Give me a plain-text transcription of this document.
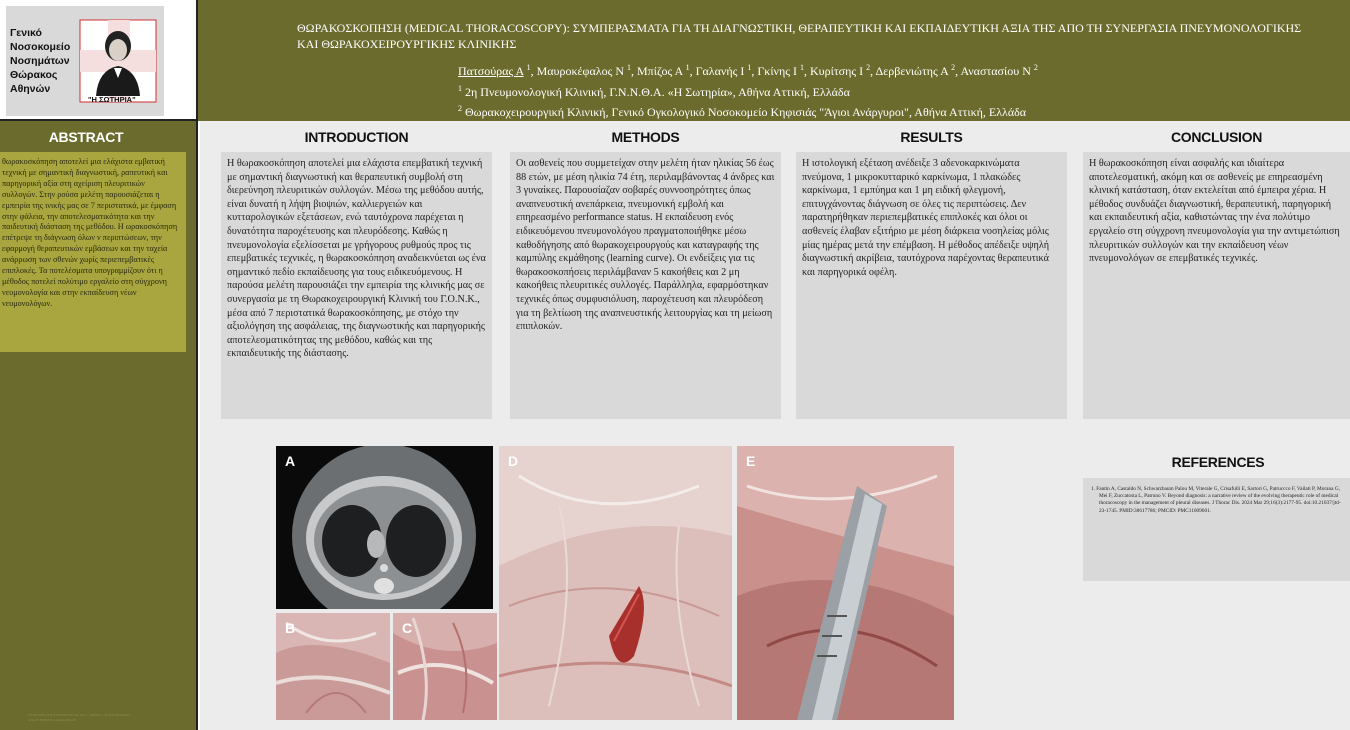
Γενικό
Νοσοκομείο
Νοσημάτων
Θώρακος
Αθηνών
"Η ΣΩΤΗΡΙΑ"
ΘΩΡΑΚΟΣΚΟΠΗΣΗ (MEDICAL THORACOSCOPY): ΣΥΜΠΕΡΑΣΜΑΤΑ ΓΙΑ ΤΗ ΔΙΑΓΝΩΣΤΙΚΗ, ΘΕΡΑΠΕΥΤΙΚΗ ΚΑΙ ΕΚΠΑΙΔΕΥΤΙΚΗ ΑΞΙΑ ΤΗΣ ΑΠΟ ΤΗ ΣΥΝΕΡΓΑΣΙΑ ΠΝΕΥΜΟΝΟΛΟΓΙΚΗΣ ΚΑΙ ΘΩΡΑΚΟΧΕΙΡΟΥΡΓΙΚΗΣ ΚΛΙΝΙΚΗΣ
Πατσούρας Α $^1$, Μαυροκέφαλος Ν $^1$, Μπίζος Α $^1$, Γαλανής Ι $^1$, Γκίνης Ι $^1$, Κυρίτσης Ι $^2$, Δερβενιώτης Α $^2$, Αναστασίου Ν $^2$
$^1$ 2η Πνευμονολογική Κλινική, Γ.Ν.Ν.Θ.Α. «Η Σωτηρία», Αθήνα Αττική, Ελλάδα
$^2$ Θωρακοχειρουργική Κλινική, Γενικό Ογκολογικό Νοσοκομείο Κηφισιάς "Άγιοι Ανάργυροι", Αθήνα Αττική, Ελλάδα
ABSTRACT

θωρακοσκόπηση αποτελεί μια ελάχιστα εμβατική τεχνική με σημαντική διαγνωστική, ραπευτική και παρηγορική αξία στη αχείριση πλευριτικών συλλογών. Στην ρούσα μελέτη παρουσιάζεται η εμπειρία της ινικής μας σε 7 περιστατικά, με έμφαση στην φάλεια, την αποτελεσματικότητα και την παιδευτική διάσταση της μεθόδου. Η ωρακοσκόπηση επέτρεψε τη διάγνωση όλων ν περιπτώσεων, την εφαρμογή θεραπευτικών εμβάσεων και την ταχεία ανάρρωση των σθενών χωρίς περιεπεμβατικές επιπλοκές. Τα ποτελέσματα υπογραμμίζουν ότι η μέθοδος ποτελεί πολύτιμο εργαλείο στη σύγχρονη νευμονολογία και στην εκπαίδευση νέων νευμονολόγων.

ΣΥΝΕΔΡΙΟ ΠΝΕΥΜΟΝΟΛΟΓΙΑΣ 2024 · ΑΘΗΝΑ · ΗΛΕΚΤΡΟΝΙΚΗ ΑΝΑΡΤΗΜΕΝΗ ΑΝΑΚΟΙΝΩΣΗ
INTRODUCTION

Η θωρακοσκόπηση αποτελεί μια ελάχιστα επεμβατική τεχνική με σημαντική διαγνωστική και θεραπευτική συμβολή στη διερεύνηση πλευριτικών συλλογών. Μέσω της μεθόδου αυτής, είναι δυνατή η λήψη βιοψιών, καλλιεργειών και κυτταρολογικών εξετάσεων, ενώ ταυτόχρονα παρέχεται η δυνατότητα παροχέτευσης και πλευρόδεσης. Καθώς η πνευμονολογία εξελίσσεται με γρήγορους ρυθμούς προς τις επεμβατικές τεχνικές, η θωρακοσκόπηση αναδεικνύεται ως ένα σημαντικό πεδίο εκπαίδευσης για τους ειδικευόμενους. Η παρούσα μελέτη παρουσιάζει την εμπειρία της κλινικής μας σε συνεργασία με τη Θωρακοχειρουργική Κλινική του Γ.Ο.Ν.Κ., μέσα από 7 περιστατικά θωρακοσκόπησης, με στόχο την αξιολόγηση της ασφάλειας, της διαγνωστικής και παρηγορικής αποτελεσματικότητας της μεθόδου, καθώς και της εκπαιδευτικής της διάστασης.

METHODS

Οι ασθενείς που συμμετείχαν στην μελέτη ήταν ηλικίας 56 έως 88 ετών, με μέση ηλικία 74 έτη, περιλαμβάνοντας 4 άνδρες και 3 γυναίκες. Παρουσίαζαν σοβαρές συννοσηρότητες όπως αναπνευστική ανεπάρκεια, πνευμονική εμβολή και επηρεασμένο performance status. Η εκπαίδευση ενός ειδικευόμενου πνευμονολόγου πραγματοποιήθηκε μέσω καθοδήγησης από θωρακοχειρουργούς και καταγραφής της καμπύλης εκμάθησης (learning curve). Οι ενδείξεις για τις θωρακοσκοπήσεις περιλάμβαναν 5 κακοήθεις και 2 μη κακοήθεις πλευριτικές συλλογές. Παράλληλα, εφαρμόστηκαν τεχνικές όπως συμφυσιόλυση, παροχέτευση και πλευρόδεση για τη βελτίωση της αναπνευστικής λειτουργίας και τη μείωση επιπλοκών.

RESULTS

Η ιστολογική εξέταση ανέδειξε 3 αδενοκαρκινώματα πνεύμονα, 1 μικροκυτταρικό καρκίνωμα, 1 πλακώδες καρκίνωμα, 1 εμπύημα και 1 μη ειδική φλεγμονή, επιτυγχάνοντας διάγνωση σε όλες τις περιπτώσεις. Δεν παρατηρήθηκαν περιεπεμβατικές επιπλοκές και όλοι οι ασθενείς έλαβαν εξιτήριο με μέση διάρκεια νοσηλείας μόλις μίας ημέρας μετά την επέμβαση. Η μέθοδος απέδειξε υψηλή διαγνωστική ακρίβεια, ταυτόχρονα παρέχοντας θεραπευτικά και παρηγορικά οφέλη.

CONCLUSION

Η θωρακοσκόπηση είναι ασφαλής και ιδιαίτερα αποτελεσματική, ακόμη και σε ασθενείς με επηρεασμένη κλινική κατάσταση, όταν εκτελείται από έμπειρα χέρια. Η μέθοδος συνδυάζει διαγνωστική, θεραπευτική, παρηγορική και εκπαιδευτική αξία, καθιστώντας την ένα πολύτιμο εργαλείο στη σύγχρονη πνευμονολογία για την αντιμετώπιση πλευριτικών συλλογών και την εκπαίδευση νέων πνευμονολόγων σε επεμβατικές τεχνικές.

A
B	C
D	E	REFERENCES

1. Fantin A, Castaldo N, Schwarzbaum Palou M, Viterale G, Crisafulli E, Sartori G, Patruccco F, Vailati P, Morana G, Mei F, Zuccatosta L, Patruno V. Beyond diagnosis: a narrative review of the evolving therapeutic role of medical thoracoscopy in the management of pleural diseases. J Thorac Dis. 2024 Mar 29;16(3):2177-95. doi:10.21037/jtd-23-1745. PMID:38617786; PMCID: PMC11009601.
